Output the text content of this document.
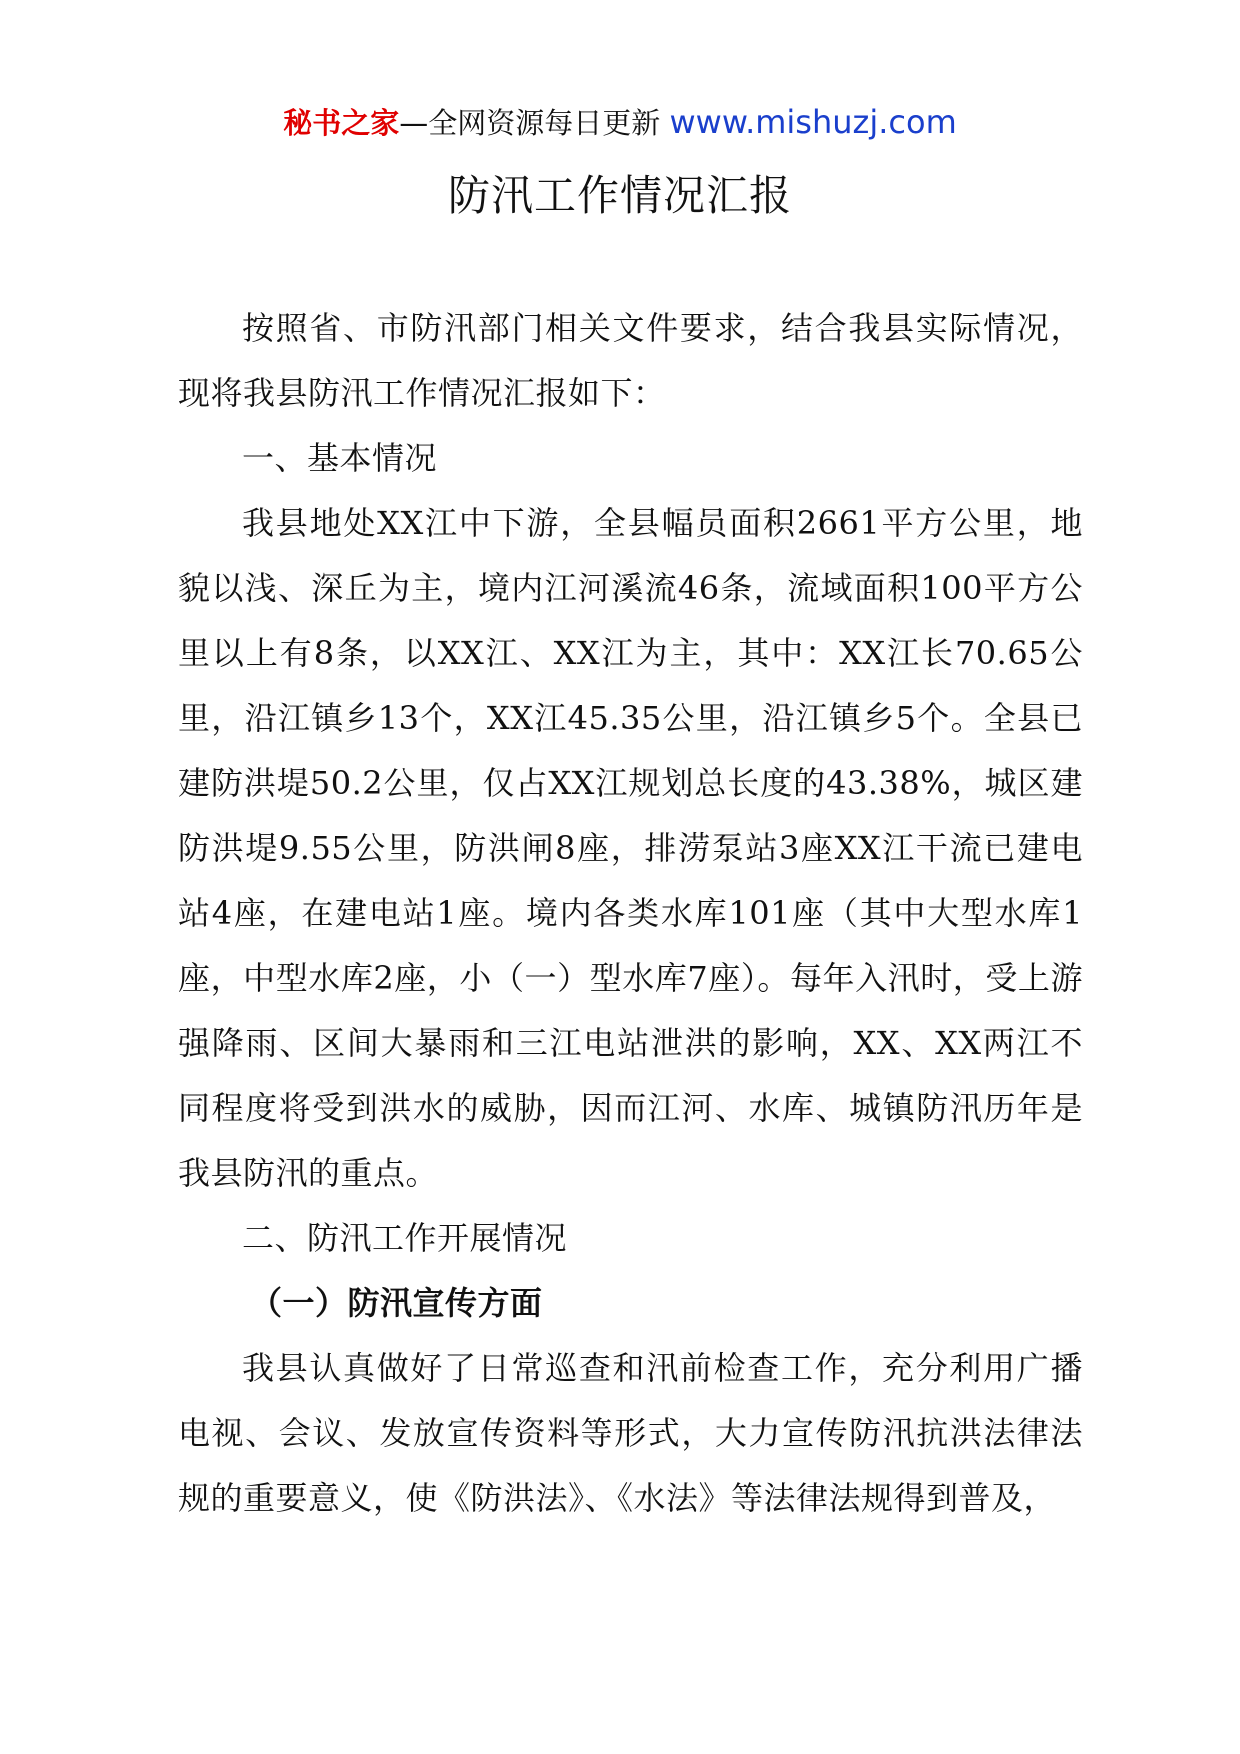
秘书之家—全网资源每日更新 www.mishuzj.com
防汛工作情况汇报

按照省、市防汛部门相关文件要求，结合我县实际情况，现将我县防汛工作情况汇报如下：

一、基本情况

我县地处XX江中下游，全县幅员面积2661平方公里，地貌以浅、深丘为主，境内江河溪流46条，流域面积100平方公里以上有8条，以XX江、XX江为主，其中：XX江长70.65公里，沿江镇乡13个，XX江45.35公里，沿江镇乡5个。全县已建防洪堤50.2公里，仅占XX江规划总长度的43.38%，城区建防洪堤9.55公里，防洪闸8座，排涝泵站3座XX江干流已建电站4座，在建电站1座。境内各类水库101座（其中大型水库1座，中型水库2座，小（一）型水库7座）。每年入汛时，受上游强降雨、区间大暴雨和三江电站泄洪的影响，XX、XX两江不同程度将受到洪水的威胁，因而江河、水库、城镇防汛历年是我县防汛的重点。

二、防汛工作开展情况

（一）防汛宣传方面

我县认真做好了日常巡查和汛前检查工作，充分利用广播电视、会议、发放宣传资料等形式，大力宣传防汛抗洪法律法规的重要意义，使《防洪法》、《水法》等法律法规得到普及，
